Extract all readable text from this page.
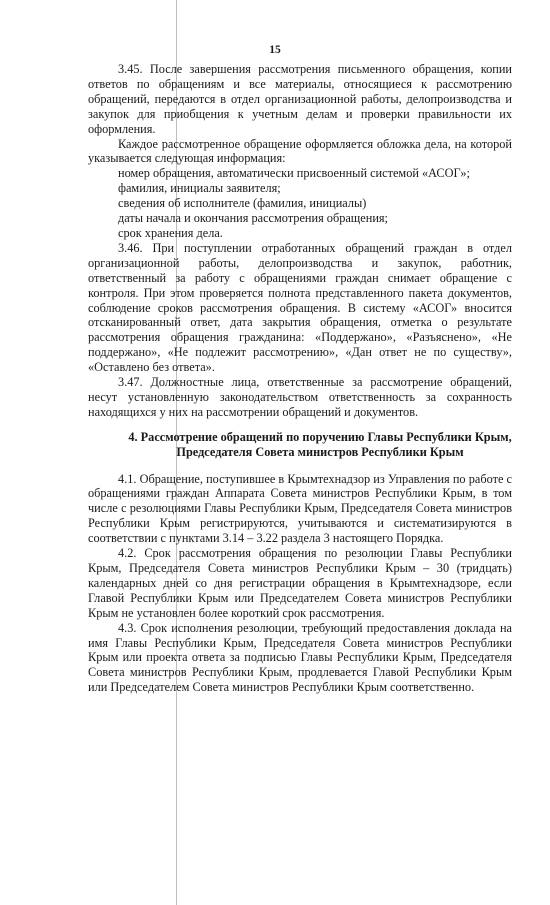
15

3.45. После завершения рассмотрения письменного обращения, копии ответов по обращениям и все материалы, относящиеся к рассмотрению обращений, передаются в отдел организационной работы, делопроизводства и закупок для приобщения к учетным делам и проверки правильности их оформления.

Каждое рассмотренное обращение оформляется обложка дела, на которой указывается следующая информация:

номер обращения, автоматически присвоенный системой «АСОГ»;

фамилия, инициалы заявителя;

сведения об исполнителе (фамилия, инициалы)

даты начала и окончания рассмотрения обращения;

срок хранения дела.

3.46. При поступлении отработанных обращений граждан в отдел организационной работы, делопроизводства и закупок, работник, ответственный за работу с обращениями граждан снимает обращение с контроля. При этом проверяется полнота представленного пакета документов, соблюдение сроков рассмотрения обращения. В систему «АСОГ» вносится отсканированный ответ, дата закрытия обращения, отметка о результате рассмотрения обращения гражданина: «Поддержано», «Разъяснено», «Не поддержано», «Не подлежит рассмотрению», «Дан ответ не по существу», «Оставлено без ответа».

3.47. Должностные лица, ответственные за рассмотрение обращений, несут установленную законодательством ответственность за сохранность находящихся у них на рассмотрении обращений и документов.

4. Рассмотрение обращений по поручению Главы Республики Крым, Председателя Совета министров Республики Крым

4.1. Обращение, поступившее в Крымтехнадзор из Управления по работе с обращениями граждан Аппарата Совета министров Республики Крым, в том числе с резолюциями Главы Республики Крым, Председателя Совета министров Республики Крым регистрируются, учитываются и систематизируются в соответствии с пунктами 3.14 – 3.22 раздела 3 настоящего Порядка.

4.2. Срок рассмотрения обращения по резолюции Главы Республики Крым, Председателя Совета министров Республики Крым – 30 (тридцать) календарных дней со дня регистрации обращения в Крымтехнадзоре, если Главой Республики Крым или Председателем Совета министров Республики Крым не установлен более короткий срок рассмотрения.

4.3. Срок исполнения резолюции, требующий предоставления доклада на имя Главы Республики Крым, Председателя Совета министров Республики Крым или проекта ответа за подписью Главы Республики Крым, Председателя Совета министров Республики Крым, продлевается Главой Республики Крым или Председателем Совета министров Республики Крым соответственно.
